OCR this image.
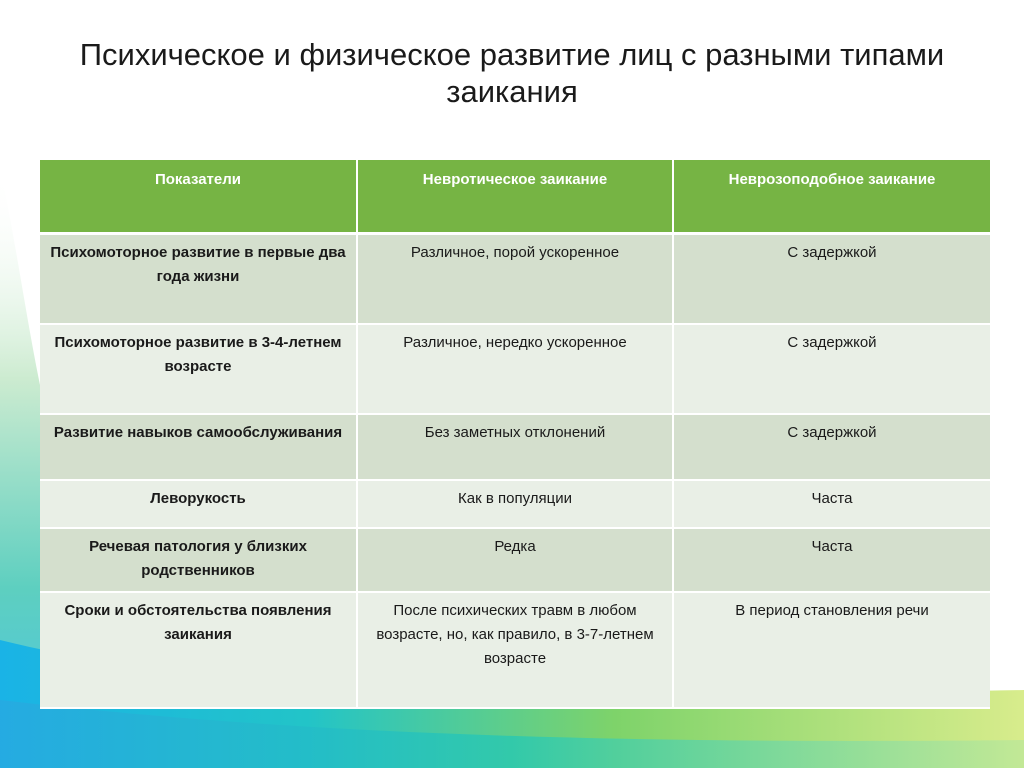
Психическое и физическое развитие лиц с разными типами заикания
Показатели	Невротическое заикание	Неврозоподобное заикание
Психомоторное развитие в первые два года жизни	Различное, порой ускоренное	С задержкой
Психомоторное развитие в 3-4-летнем возрасте	Различное, нередко ускоренное	С задержкой
Развитие навыков самообслуживания	Без заметных отклонений	С задержкой
Леворукость	Как в популяции	Часта
Речевая патология у близких родственников	Редка	Часта
Сроки и обстоятельства появления заикания	После психических травм в любом возрасте, но, как правило, в 3-7-летнем возрасте	В период становления речи
